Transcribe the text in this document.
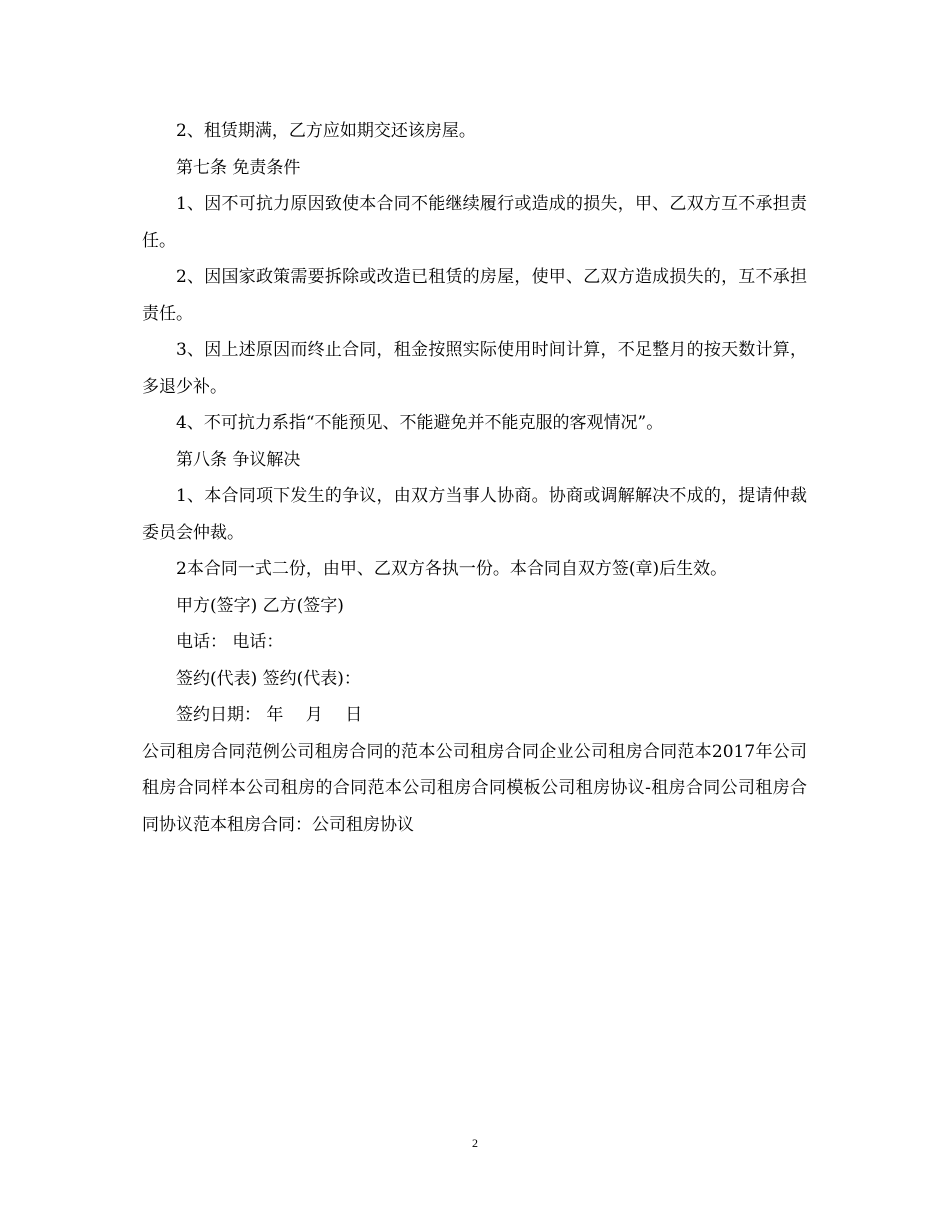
2、租赁期满，乙方应如期交还该房屋。

第七条 免责条件

1、因不可抗力原因致使本合同不能继续履行或造成的损失，甲、乙双方互不承担责任。

2、因国家政策需要拆除或改造已租赁的房屋，使甲、乙双方造成损失的，互不承担责任。

3、因上述原因而终止合同，租金按照实际使用时间计算，不足整月的按天数计算，多退少补。

4、不可抗力系指“不能预见、不能避免并不能克服的客观情况”。

第八条 争议解决

1、本合同项下发生的争议，由双方当事人协商。协商或调解解决不成的，提请仲裁委员会仲裁。

2本合同一式二份，由甲、乙双方各执一份。本合同自双方签(章)后生效。

甲方(签字) 乙方(签字)

电话： 电话：

签约(代表) 签约(代表)：

签约日期： 年　 月　 日

公司租房合同范例公司租房合同的范本公司租房合同企业公司租房合同范本2017年公司租房合同样本公司租房的合同范本公司租房合同模板公司租房协议-租房合同公司租房合同协议范本租房合同：公司租房协议

2
